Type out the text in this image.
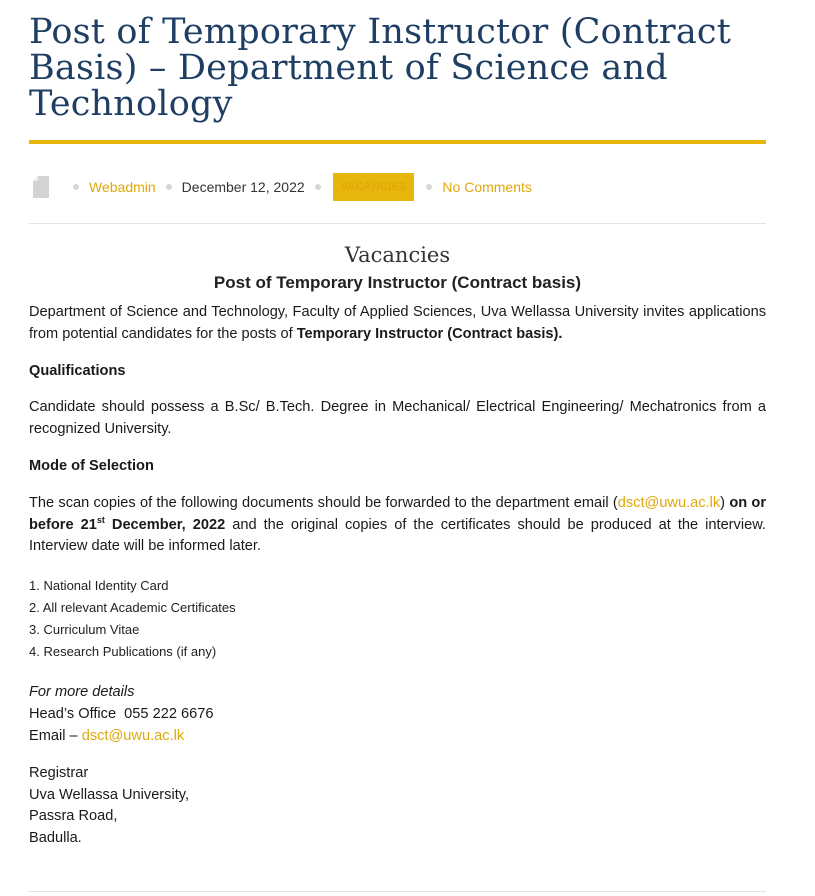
Post of Temporary Instructor (Contract Basis) – Department of Science and Technology
Webadmin December 12, 2022	VACANCIES	No Comments
Vacancies
Post of Temporary Instructor (Contract basis)

Department of Science and Technology, Faculty of Applied Sciences, Uva Wellassa University invites applications from potential candidates for the posts of Temporary Instructor (Contract basis).

Qualifications

Candidate should possess a B.Sc/ B.Tech. Degree in Mechanical/ Electrical Engineering/ Mechatronics from a recognized University.

Mode of Selection

The scan copies of the following documents should be forwarded to the department email (dsct@uwu.ac.lk) on or before 21st December, 2022 and the original copies of the certificates should be produced at the interview. Interview date will be informed later.

1. National Identity Card
2. All relevant Academic Certificates
3. Curriculum Vitae
4. Research Publications (if any)

For more details

Head’s Office  055 222 6676

Email – dsct@uwu.ac.lk

Registrar

Uva Wellassa University,

Passra Road,

Badulla.
